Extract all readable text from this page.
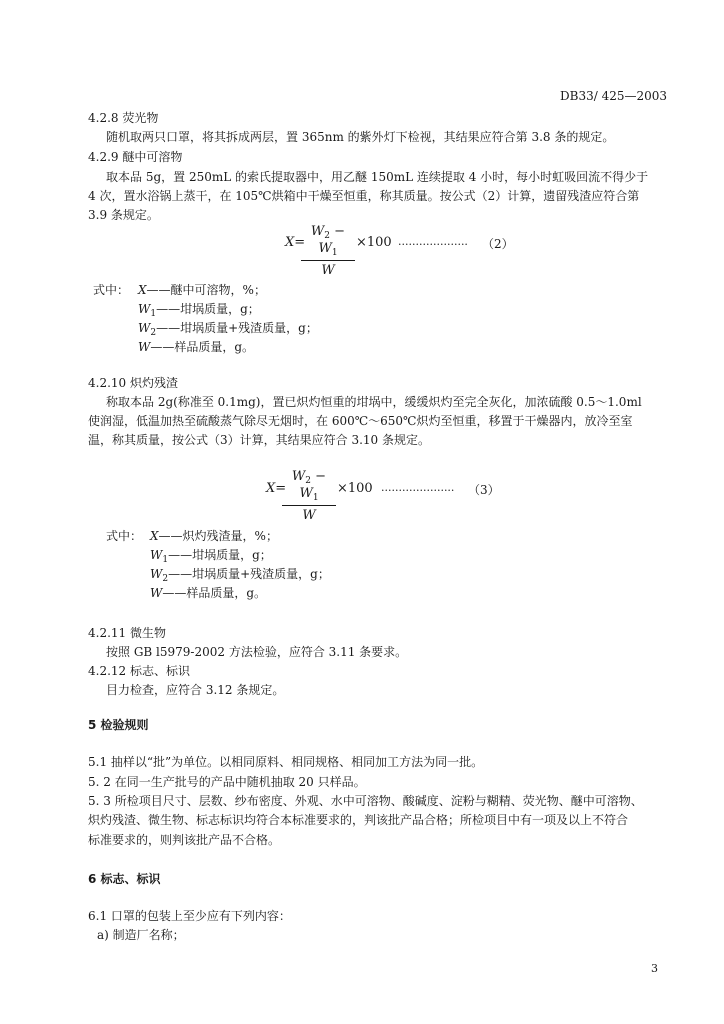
DB33/ 425—2003
4.2.8 荧光物
随机取两只口罩，将其拆成两层，置 365nm 的紫外灯下检视，其结果应符合第 3.8 条的规定。
4.2.9 醚中可溶物
取本品 5g，置 250mL 的索氏提取器中，用乙醚 150mL 连续提取 4 小时，每小时虹吸回流不得少于
4 次，置水浴锅上蒸干，在 105℃烘箱中干燥至恒重，称其质量。按公式（2）计算，遗留残渣应符合第
3.9 条规定。
X=
$W_2 - W_1$
W
×100 .................... （2）
式中： X——醚中可溶物，%；
$W_1——$坩埚质量，g；
$W_2——$坩埚质量+残渣质量，g；
W——样品质量，g。
4.2.10 炽灼残渣
称取本品 2g(称准至 0.1mg)，置已炽灼恒重的坩埚中，缓缓炽灼至完全灰化，加浓硫酸 0.5～1.0ml
使润湿，低温加热至硫酸蒸气除尽无烟时，在 600℃～650℃炽灼至恒重，移置于干燥器内，放冷至室
温，称其质量，按公式（3）计算，其结果应符合 3.10 条规定。
X=
$W_2 - W_1$
W
×100 ..................... （3）
式中： X——炽灼残渣量，%；
$W_1——$坩埚质量，g；
$W_2——$坩埚质量+残渣质量，g；
W——样品质量，g。
4.2.11 微生物
按照 GB l5979-2002 方法检验，应符合 3.11 条要求。
4.2.12 标志、标识
目力检查，应符合 3.12 条规定。
5 检验规则
5.1 抽样以“批”为单位。以相同原料、相同规格、相同加工方法为同一批。
5. 2 在同一生产批号的产品中随机抽取 20 只样品。
5. 3 所检项目尺寸、层数、纱布密度、外观、水中可溶物、酸碱度、淀粉与糊精、荧光物、醚中可溶物、
炽灼残渣、微生物、标志标识均符合本标准要求的，判该批产品合格；所检项目中有一项及以上不符合
标准要求的，则判该批产品不合格。
6 标志、标识
6.1 口罩的包装上至少应有下列内容：
a) 制造厂名称；
3
